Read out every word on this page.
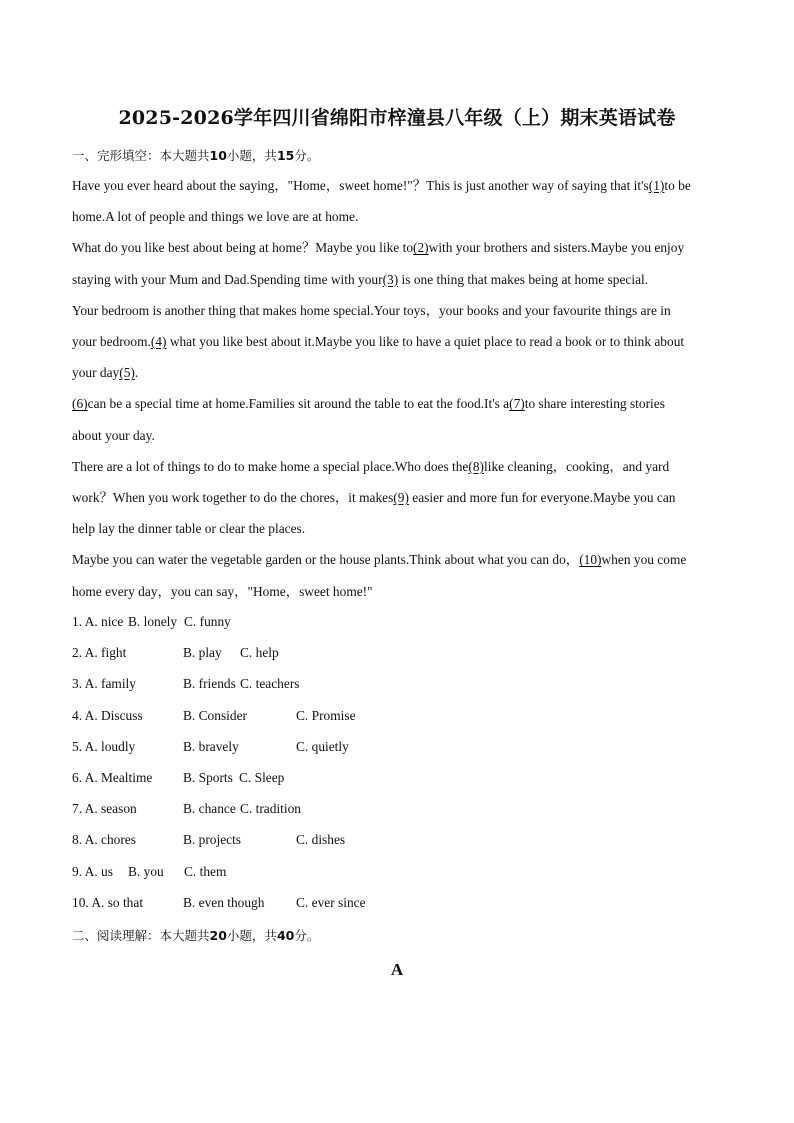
2025-2026学年四川省绵阳市梓潼县八年级（上）期末英语试卷
一、完形填空：本大题共10小题，共15分。

Have you ever heard about the saying，"Home，sweet home!"？This is just another way of saying that it's(1)to be

home.A lot of people and things we love are at home.

What do you like best about being at home？Maybe you like to(2)with your brothers and sisters.Maybe you enjoy

staying with your Mum and Dad.Spending time with your(3) is one thing that makes being at home special.

Your bedroom is another thing that makes home special.Your toys，your books and your favourite things are in

your bedroom.(4) what you like best about it.Maybe you like to have a quiet place to read a book or to think about

your day(5).

(6)can be a special time at home.Families sit around the table to eat the food.It's a(7)to share interesting stories

about your day.

There are a lot of things to do to make home a special place.Who does the(8)like cleaning，cooking，and yard

work？When you work together to do the chores，it makes(9) easier and more fun for everyone.Maybe you can

help lay the dinner table or clear the places.

Maybe you can water the vegetable garden or the house plants.Think about what you can do，(10)when you come

home every day，you can say，"Home，sweet home!"

1. A. nice B. lonely C. funny
2. A. fight	B. play C. help
3. A. family	B. friends C. teachers
4. A. Discuss	B. Consider	C. Promise
5. A. loudly	B. bravely	C. quietly
6. A. Mealtime B. Sports C. Sleep
7. A. season	B. chance C. tradition
8. A. chores	B. projects	C. dishes
9. A. us B. you C. them
10. A. so that	B. even though C. ever since
二、阅读理解：本大题共20小题，共40分。
A
